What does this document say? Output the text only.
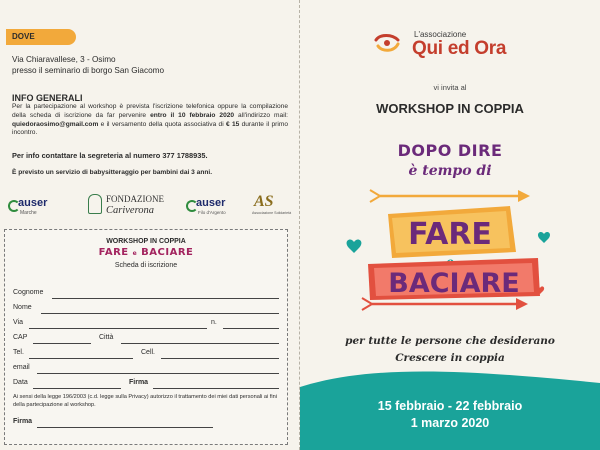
DOVE
Via Chiaravallese, 3 - Osimo
presso il seminario di borgo San Giacomo
INFO GENERALI
Per la partecipazione al workshop è prevista l'iscrizione telefonica oppure la compilazione della scheda di iscrizione da far pervenire entro il 10 febbraio 2020 all'indirizzo mail: quiedoraosimo@gmail.com e il versamento della quota associativa di € 15 durante il primo incontro.
Per info contattare la segreteria al numero 377 1788935.
È previsto un servizio di babysitteraggio per bambini dai 3 anni.
auser
Marche
FONDAZIONE
Cariverona
auser
Filo d'Argento
AS
Associazione Solidarietà
WORKSHOP IN COPPIA
FARE e BACIARE
Scheda di iscrizione
Cognome
Nome
Via	n.
CAP	Città
Tel.	Cell.
email
Data	Firma
Ai sensi della legge 196/2003 (c.d. legge sulla Privacy) autorizzo il trattamento dei miei dati personali ai fini della partecipazione al workshop.
Firma
L'associazione
Qui ed Ora
vi invita al
WORKSHOP IN COPPIA
DOPO DIRE
è tempo di
FARE
BACIARE
per tutte le persone che desiderano
Crescere in coppia
15 febbraio - 22 febbraio
1 marzo 2020
